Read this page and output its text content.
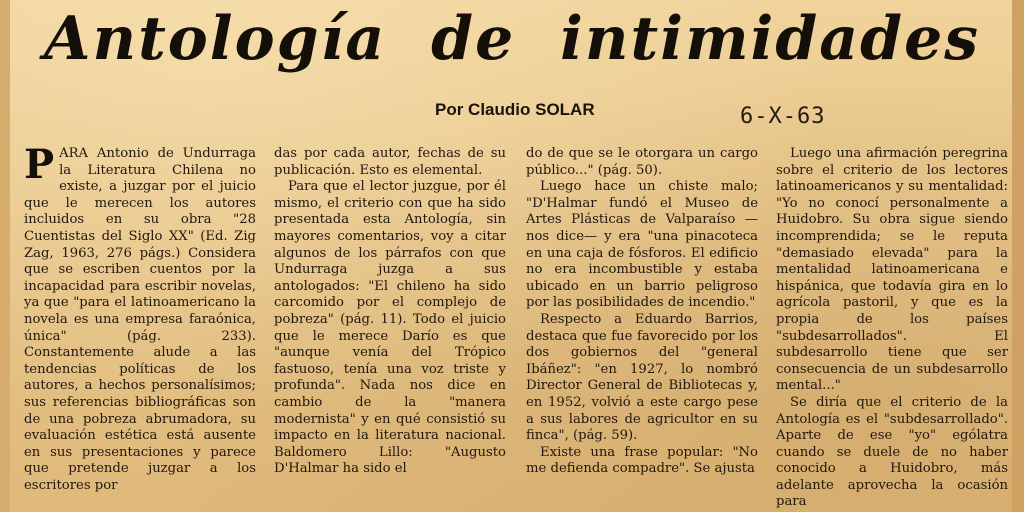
Antología de intimidades
Por Claudio SOLAR	6-X-63

PARA Antonio de Undurraga la Literatura Chilena no existe, a juzgar por el juicio que le merecen los autores incluidos en su obra "28 Cuentistas del Siglo XX" (Ed. Zig Zag, 1963, 276 págs.) Considera que se escriben cuentos por la incapacidad para escribir novelas, ya que "para el latinoamericano la novela es una empresa faraónica, única" (pág. 233). Constantemente alude a las tendencias políticas de los autores, a hechos personalísimos; sus referencias bibliográficas son de una pobreza abrumadora, su evaluación estética está ausente en sus presentaciones y parece que pretende juzgar a los escritores por

das por cada autor, fechas de su publicación. Esto es elemental.

Para que el lector juzgue, por él mismo, el criterio con que ha sido presentada esta Antología, sin mayores comentarios, voy a citar algunos de los párrafos con que Undurraga juzga a sus antologados: "El chileno ha sido carcomido por el complejo de pobreza" (pág. 11). Todo el juicio que le merece Darío es que "aunque venía del Trópico fastuoso, tenía una voz triste y profunda". Nada nos dice en cambio de la "manera modernista" y en qué consistió su impacto en la literatura nacional. Baldomero Lillo: "Augusto D'Halmar ha sido el

do de que se le otorgara un cargo público..." (pág. 50).

Luego hace un chiste malo; "D'Halmar fundó el Museo de Artes Plásticas de Valparaíso —nos dice— y era "una pinacoteca en una caja de fósforos. El edificio no era incombustible y estaba ubicado en un barrio peligroso por las posibilidades de incendio."

Respecto a Eduardo Barrios, destaca que fue favorecido por los dos gobiernos del "general Ibáñez": "en 1927, lo nombró Director General de Bibliotecas y, en 1952, volvió a este cargo pese a sus labores de agricultor en su finca", (pág. 59).

Existe una frase popular: "No me defienda compadre". Se ajusta

Luego una afirmación peregrina sobre el criterio de los lectores latinoamericanos y su mentalidad: "Yo no conocí personalmente a Huidobro. Su obra sigue siendo incomprendida; se le reputa "demasiado elevada" para la mentalidad latinoamericana e hispánica, que todavía gira en lo agrícola pastoril, y que es la propia de los países "subdesarrollados". El subdesarrollo tiene que ser consecuencia de un subdesarrollo mental..."

Se diría que el criterio de la Antología es el "subdesarrollado". Aparte de ese "yo" ególatra cuando se duele de no haber conocido a Huidobro, más adelante aprovecha la ocasión para
